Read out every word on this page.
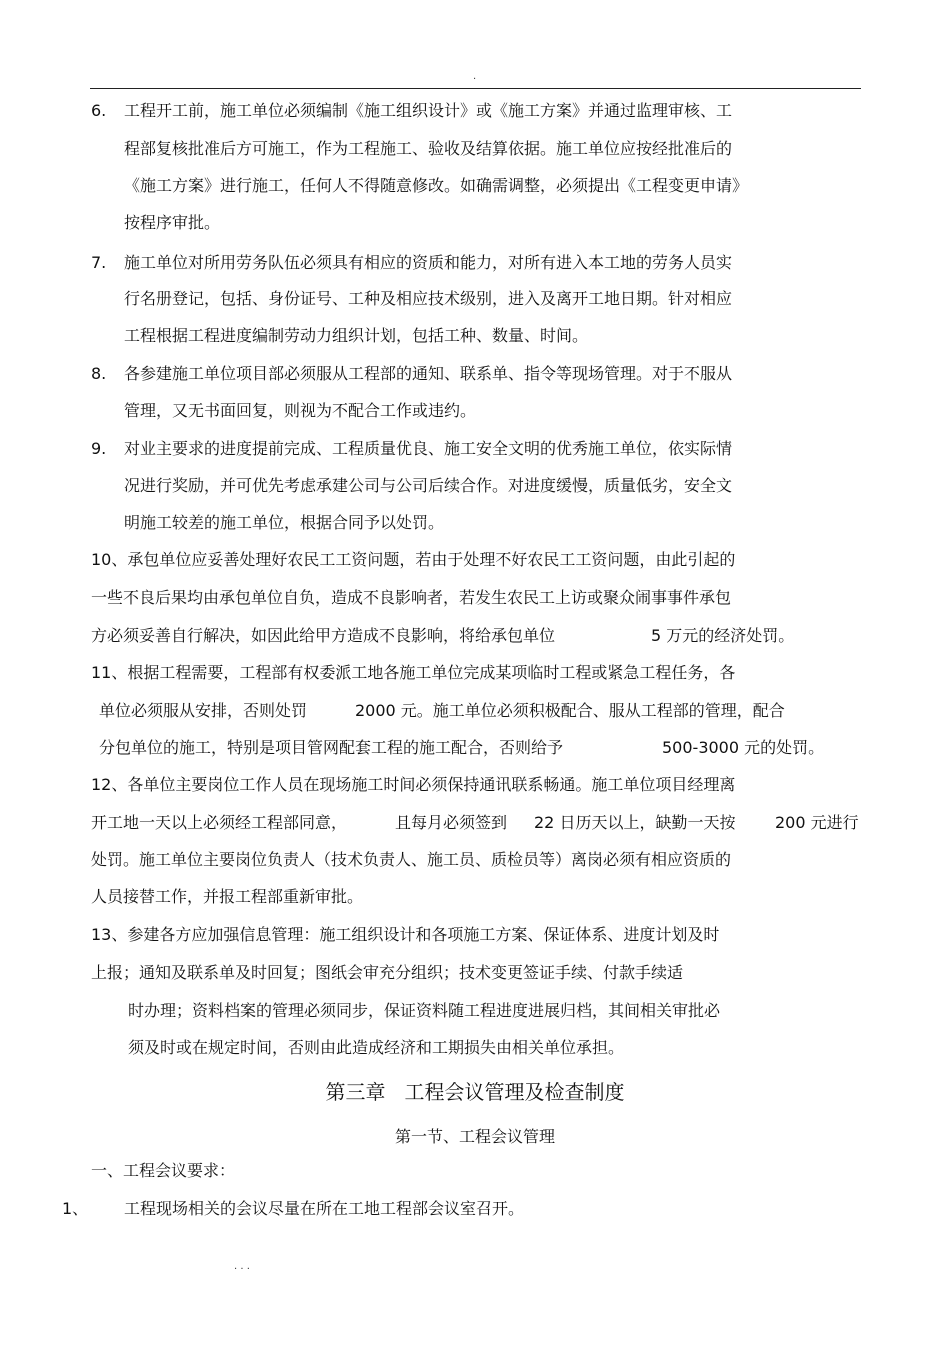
.
6. 工程开工前，施工单位必须编制《施工组织设计》或《施工方案》并通过监理审核、工
程部复核批准后方可施工，作为工程施工、验收及结算依据。施工单位应按经批准后的
《施工方案》进行施工，任何人不得随意修改。如确需调整，必须提出《工程变更申请》
按程序审批。
7. 施工单位对所用劳务队伍必须具有相应的资质和能力，对所有进入本工地的劳务人员实
行名册登记，包括、身份证号、工种及相应技术级别，进入及离开工地日期。针对相应
工程根据工程进度编制劳动力组织计划，包括工种、数量、时间。
8. 各参建施工单位项目部必须服从工程部的通知、联系单、指令等现场管理。对于不服从
管理，又无书面回复，则视为不配合工作或违约。
9. 对业主要求的进度提前完成、工程质量优良、施工安全文明的优秀施工单位，依实际情
况进行奖励，并可优先考虑承建公司与公司后续合作。对进度缓慢，质量低劣，安全文
明施工较差的施工单位，根据合同予以处罚。
10、承包单位应妥善处理好农民工工资问题，若由于处理不好农民工工资问题，由此引起的
一些不良后果均由承包单位自负，造成不良影响者，若发生农民工上访或聚众闹事事件承包
方必须妥善自行解决，如因此给甲方造成不良影响，将给承包单位	5 万元的经济处罚。
11、根据工程需要，工程部有权委派工地各施工单位完成某项临时工程或紧急工程任务，各
单位必须服从安排，否则处罚	2000 元。施工单位必须积极配合、服从工程部的管理，配合
分包单位的施工，特别是项目管网配套工程的施工配合，否则给予	500-3000 元的处罚。
12、各单位主要岗位工作人员在现场施工时间必须保持通讯联系畅通。施工单位项目经理离
开工地一天以上必须经工程部同意，	且每月必须签到 22 日历天以上，缺勤一天按 200 元进行
处罚。施工单位主要岗位负责人（技术负责人、施工员、质检员等）离岗必须有相应资质的
人员接替工作，并报工程部重新审批。
13、参建各方应加强信息管理：施工组织设计和各项施工方案、保证体系、进度计划及时
上报；通知及联系单及时回复；图纸会审充分组织；技术变更签证手续、付款手续适
时办理；资料档案的管理必须同步，保证资料随工程进度进展归档，其间相关审批必
须及时或在规定时间，否则由此造成经济和工期损失由相关单位承担。
第三章   工程会议管理及检查制度
第一节、工程会议管理
一、工程会议要求：
1、 工程现场相关的会议尽量在所在工地工程部会议室召开。
. . .
